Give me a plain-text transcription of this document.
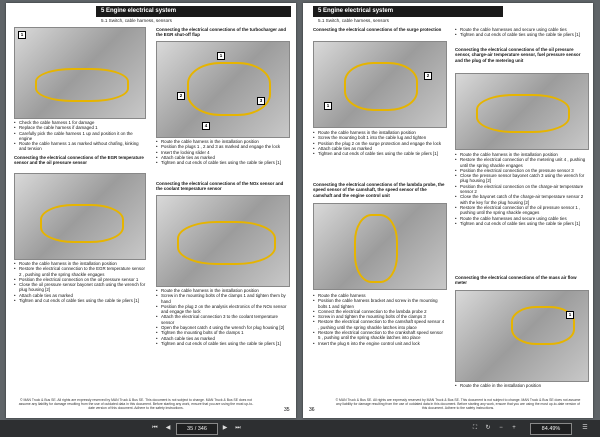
5 Engine electrical system
5.1 Switch, cable harness, sensors
1
• Check the cable harness 1 for damage
• Replace the cable harness if damaged 1
• Carefully pick the cable harness 1 up and position it on the engine
• Route the cable harness 1 as marked without chafing, kinking and tension
Connecting the electrical connections of the EGR temperature sensor and the oil pressure sensor
• Route the cable harness in the installation position
• Restore the electrical connection to the EGR temperature sensor 2 , pushing until the spring shackle engages
• Position the electrical connection on the oil pressure sensor 1
• Close the oil pressure sensor bayonet catch using the wrench for plug housing [2]
• Attach cable ties as marked
• Tighten and cut ends of cable ties using the cable tie pliers [1]
Connecting the electrical connections of the turbocharger and the EGR shut-off flap
1
2
3
4
• Route the cable harness in the installation position
• Position the plugs 1 , 2 and 3 as marked and engage the lock
• Insert the locking slider 4
• Attach cable ties as marked
• Tighten and cut ends of cable ties using the cable tie pliers [1]
Connecting the electrical connections of the NOx sensor and the coolant temperature sensor
• Route the cable harness in the installation position
• Screw in the mounting bolts of the clamps 1 and tighten them by hand
• Position the plug 2 on the analysis electronics of the NOx sensor and engage the lock
• Attach the electrical connection 3 to the coolant temperature sensor
• Open the bayonet catch 4 using the wrench for plug housing [2]
• Tighten the mounting bolts of the clamps 1
• Attach cable ties as marked
• Tighten and cut ends of cable ties using the cable tie pliers [1]
© MAN Truck & Bus SE. All rights are expressly reserved by MAN Truck & Bus SE. This document is not subject to change. MAN Truck & Bus SE does not assume any liability for damage resulting from the use of outdated data in this document. Before starting any work, ensure that you are using the most up-to-date version of this document. Adhere to the safety instructions.	35
5 Engine electrical system
5.1 Switch, cable harness, sensors
Connecting the electrical connections of the surge protection
1
2
• Route the cable harness in the installation position
• Screw the mounting bolt 1 into the cable lug and tighten
• Position the plug 2 on the surge protection and engage the lock
• Attach cable ties as marked
• Tighten and cut ends of cable ties using the cable tie pliers [1]
Connecting the electrical connections of the lambda probe, the speed sensor of the camshaft, the speed sensor of the camshaft and the engine control unit
• Route the cable harness
• Position the cable harness bracket and screw in the mounting bolts 1 and tighten
• Connect the electrical connection to the lambda probe 2
• Screw in and tighten the mounting bolts of the clamps 3
• Restore the electrical connection to the camshaft speed sensor 4 , pushing until the spring shackle latches into place
• Restore the electrical connection to the crankshaft speed sensor 5 , pushing until the spring shackle latches into place
• Insert the plug 6 into the engine control unit and lock
• Route the cable harnesses and secure using cable ties
• Tighten and cut ends of cable ties using the cable tie pliers [1]
Connecting the electrical connections of the oil pressure sensor, charge-air temperature sensor, fuel pressure sensor and the plug of the metering unit
• Route the cable harness in the installation position
• Restore the electrical connection of the metering unit 4 , pushing until the spring shackle engages
• Position the electrical connection on the pressure sensor 3
• Close the pressure sensor bayonet catch 3 using the wrench for plug housing [2]
• Position the electrical connection on the charge-air temperature sensor 2
• Close the bayonet catch of the charge-air temperature sensor 2 with the key for the plug housing [2]
• Restore the electrical connection of the oil pressure sensor 1 , pushing until the spring shackle engages
• Route the cable harnesses and secure using cable ties
• Tighten and cut ends of cable ties using the cable tie pliers [1]
Connecting the electrical connections of the mass air flow meter
1
• Route the cable in the installation position
36
© MAN Truck & Bus SE. All rights are expressly reserved by MAN Truck & Bus SE. This document is not subject to change. MAN Truck & Bus SE does not assume any liability for damage resulting from the use of outdated data in this document. Before starting any work, ensure that you are using the most up-to-date version of this document. Adhere to the safety instructions.
⏮	◀	35 / 346	▶	⏭	⛶	↻	−	+	84.49%	☰
